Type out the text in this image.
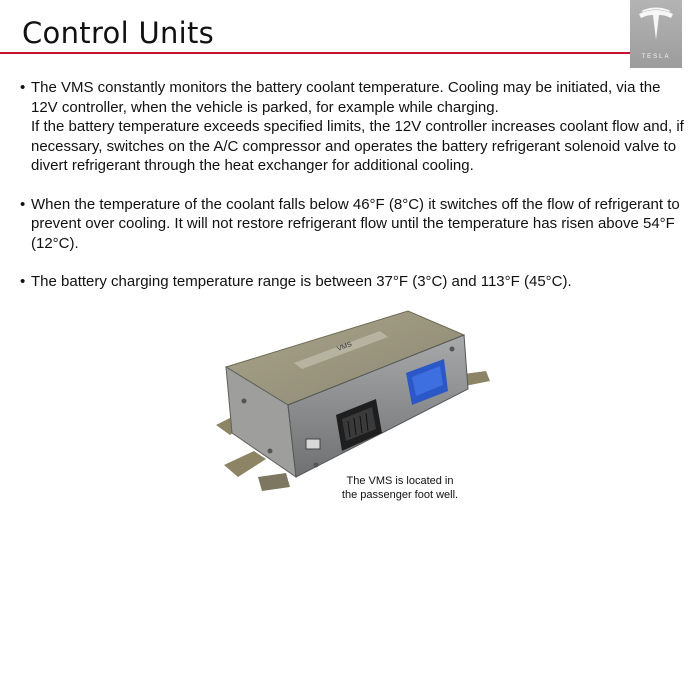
Control Units
TESLA
• The VMS constantly monitors the battery coolant temperature. Cooling may be initiated, via the 12V controller, when the vehicle is parked, for example while charging.

If the battery temperature exceeds specified limits, the 12V controller increases coolant flow and, if necessary, switches on the A/C compressor and operates the battery refrigerant solenoid valve to divert refrigerant through the heat exchanger for additional cooling.

• When the temperature of the coolant falls below 46°F (8°C) it switches off the flow of refrigerant to prevent over cooling. It will not restore refrigerant flow until the temperature has risen above 54°F (12°C).

• The battery charging temperature range is between 37°F (3°C) and 113°F (45°C).

VMS
The VMS is located in
the passenger foot well.
